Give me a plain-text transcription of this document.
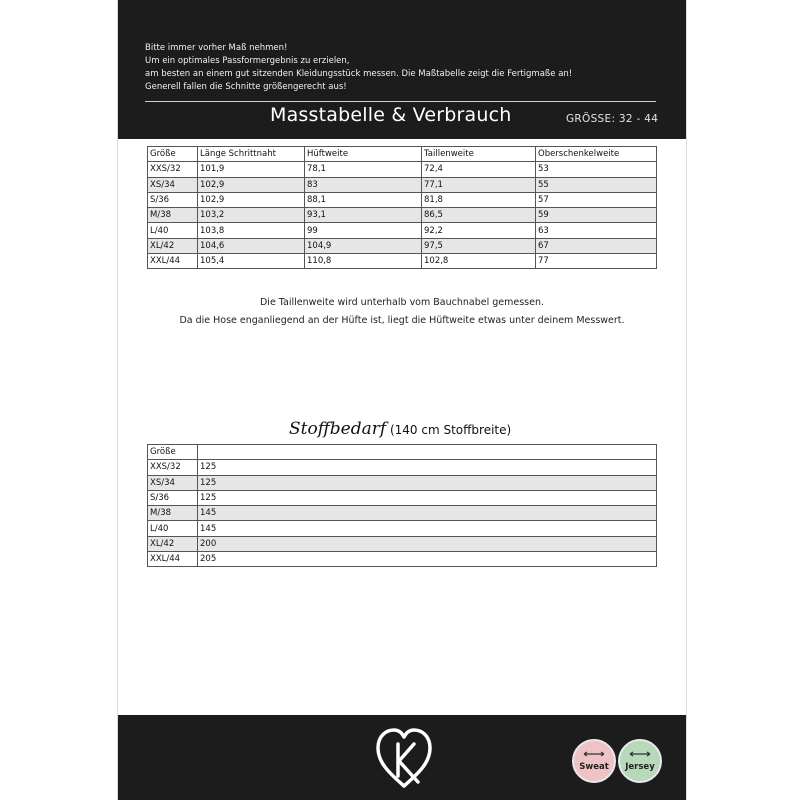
Bitte immer vorher Maß nehmen!
Um ein optimales Passformergebnis zu erzielen,
am besten an einem gut sitzenden Kleidungsstück messen. Die Maßtabelle zeigt die Fertigmaße an!
Generell fallen die Schnitte größengerecht aus!
Masstabelle & Verbrauch	GRÖSSE: 32 - 44
Größe	Länge Schrittnaht	Hüftweite	Taillenweite	Oberschenkelweite
XXS/32	101,9	78,1	72,4	53
XS/34	102,9	83	77,1	55
S/36	102,9	88,1	81,8	57
M/38	103,2	93,1	86,5	59
L/40	103,8	99	92,2	63
XL/42	104,6	104,9	97,5	67
XXL/44	105,4	110,8	102,8	77
Die Taillenweite wird unterhalb vom Bauchnabel gemessen.
Da die Hose enganliegend an der Hüfte ist, liegt die Hüftweite etwas unter deinem Messwert.
Stoffbedarf (140 cm Stoffbreite)
Größe	
XXS/32	125
XS/34	125
S/36	125
M/38	145
L/40	145
XL/42	200
XXL/44	205
Sweat	Jersey
